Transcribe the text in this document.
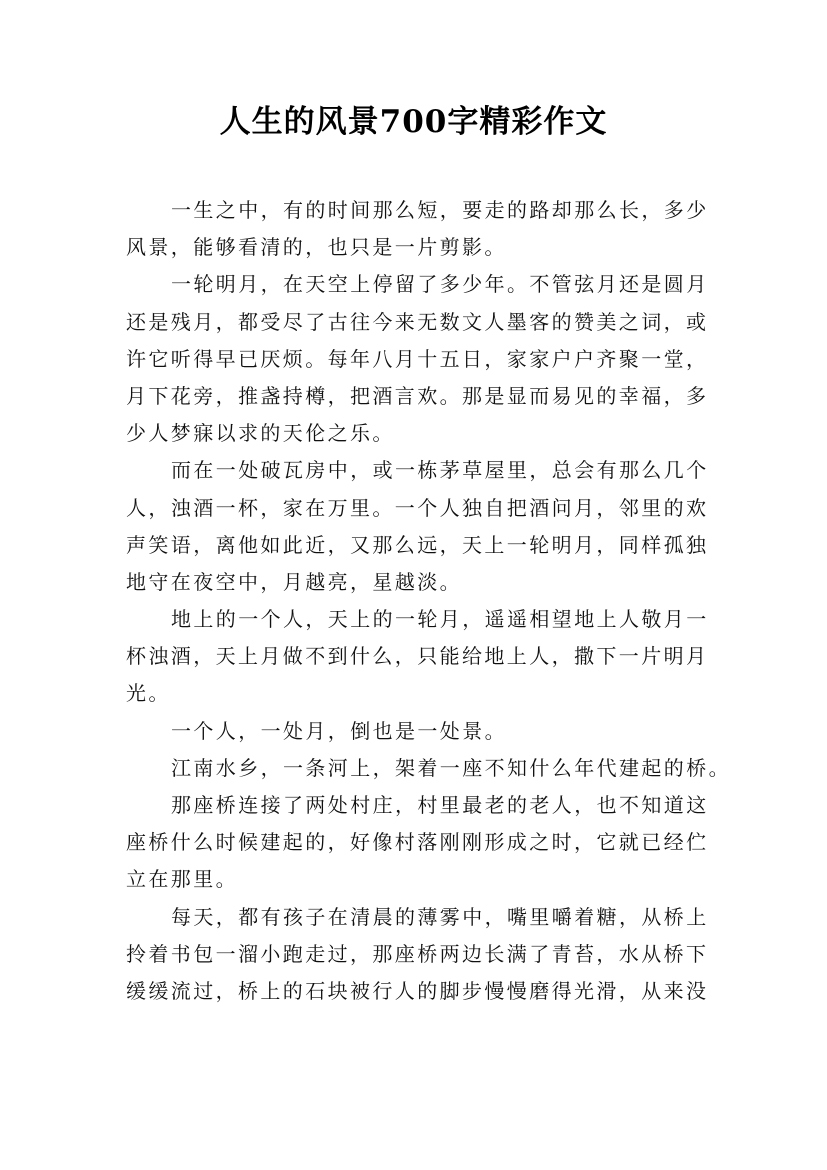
人生的风景700字精彩作文
一生之中，有的时间那么短，要走的路却那么长，多少
风景，能够看清的，也只是一片剪影。
一轮明月，在天空上停留了多少年。不管弦月还是圆月
还是残月，都受尽了古往今来无数文人墨客的赞美之词，或
许它听得早已厌烦。每年八月十五日，家家户户齐聚一堂，
月下花旁，推盏持樽，把酒言欢。那是显而易见的幸福，多
少人梦寐以求的天伦之乐。
而在一处破瓦房中，或一栋茅草屋里，总会有那么几个
人，浊酒一杯，家在万里。一个人独自把酒问月，邻里的欢
声笑语，离他如此近，又那么远，天上一轮明月，同样孤独
地守在夜空中，月越亮，星越淡。
地上的一个人，天上的一轮月，遥遥相望地上人敬月一
杯浊酒，天上月做不到什么，只能给地上人，撒下一片明月
光。
一个人，一处月，倒也是一处景。
江南水乡，一条河上，架着一座不知什么年代建起的桥。
那座桥连接了两处村庄，村里最老的老人，也不知道这
座桥什么时候建起的，好像村落刚刚形成之时，它就已经伫
立在那里。
每天，都有孩子在清晨的薄雾中，嘴里嚼着糖，从桥上
拎着书包一溜小跑走过，那座桥两边长满了青苔，水从桥下
缓缓流过，桥上的石块被行人的脚步慢慢磨得光滑，从来没
